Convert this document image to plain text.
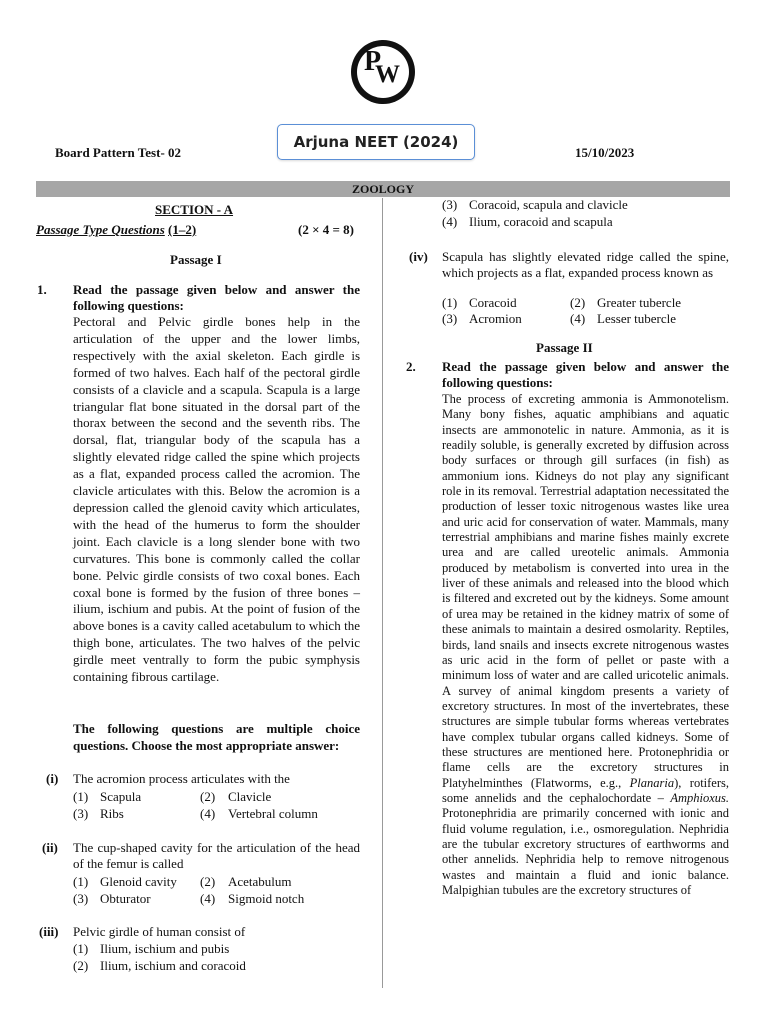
P
W
Board Pattern Test- 02
Arjuna NEET (2024)
15/10/2023
ZOOLOGY
SECTION - A
Passage Type Questions (1–2)	(2 × 4 = 8)
Passage I
1. Read the passage given below and answer the following questions:
Pectoral and Pelvic girdle bones help in the articulation of the upper and the lower limbs, respectively with the axial skeleton. Each girdle is formed of two halves. Each half of the pectoral girdle consists of a clavicle and a scapula. Scapula is a large triangular flat bone situated in the dorsal part of the thorax between the second and the seventh ribs. The dorsal, flat, triangular body of the scapula has a slightly elevated ridge called the spine which projects as a flat, expanded process called the acromion. The clavicle articulates with this. Below the acromion is a depression called the glenoid cavity which articulates, with the head of the humerus to form the shoulder joint. Each clavicle is a long slender bone with two curvatures. This bone is commonly called the collar bone. Pelvic girdle consists of two coxal bones. Each coxal bone is formed by the fusion of three bones – ilium, ischium and pubis. At the point of fusion of the above bones is a cavity called acetabulum to which the thigh bone, articulates. The two halves of the pelvic girdle meet ventrally to form the pubic symphysis containing fibrous cartilage.
The following questions are multiple choice questions. Choose the most appropriate answer:
(i) The acromion process articulates with the
(1) Scapula	(2) Clavicle
(3) Ribs	(4) Vertebral column
(ii) The cup-shaped cavity for the articulation of the head of the femur is called
(1) Glenoid cavity (2) Acetabulum
(3) Obturator	(4) Sigmoid notch
(iii) Pelvic girdle of human consist of
(1) Ilium, ischium and pubis
(2) Ilium, ischium and coracoid
(3) Coracoid, scapula and clavicle
(4) Ilium, coracoid and scapula
(iv) Scapula has slightly elevated ridge called the spine, which projects as a flat, expanded process known as
(1) Coracoid	(2) Greater tubercle
(3) Acromion	(4) Lesser tubercle
Passage II
2. Read the passage given below and answer the following questions:
The process of excreting ammonia is Ammonotelism. Many bony fishes, aquatic amphibians and aquatic insects are ammonotelic in nature. Ammonia, as it is readily soluble, is generally excreted by diffusion across body surfaces or through gill surfaces (in fish) as ammonium ions. Kidneys do not play any significant role in its removal. Terrestrial adaptation necessitated the production of lesser toxic nitrogenous wastes like urea and uric acid for conservation of water. Mammals, many terrestrial amphibians and marine fishes mainly excrete urea and are called ureotelic animals. Ammonia produced by metabolism is converted into urea in the liver of these animals and released into the blood which is filtered and excreted out by the kidneys. Some amount of urea may be retained in the kidney matrix of some of these animals to maintain a desired osmolarity. Reptiles, birds, land snails and insects excrete nitrogenous wastes as uric acid in the form of pellet or paste with a minimum loss of water and are called uricotelic animals. A survey of animal kingdom presents a variety of excretory structures. In most of the invertebrates, these structures are simple tubular forms whereas vertebrates have complex tubular organs called kidneys. Some of these structures are mentioned here. Protonephridia or flame cells are the excretory structures in Platyhelminthes (Flatworms, e.g., Planaria), rotifers, some annelids and the cephalochordate – Amphioxus. Protonephridia are primarily concerned with ionic and fluid volume regulation, i.e., osmoregulation. Nephridia are the tubular excretory structures of earthworms and other annelids. Nephridia help to remove nitrogenous wastes and maintain a fluid and ionic balance. Malpighian tubules are the excretory structures of
